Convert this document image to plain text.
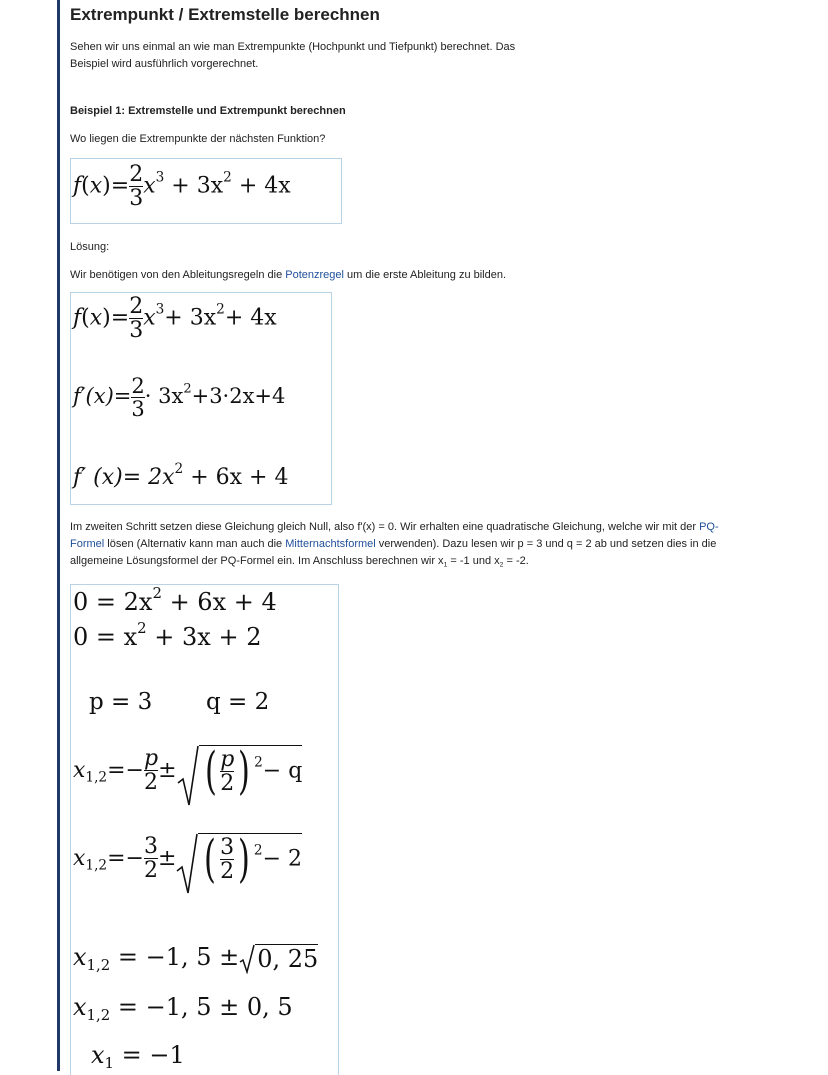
Extrempunkt / Extremstelle berechnen

Sehen wir uns einmal an wie man Extrempunkte (Hochpunkt und Tiefpunkt) berechnet. Das Beispiel wird ausführlich vorgerechnet.

Beispiel 1: Extremstelle und Extrempunkt berechnen

Wo liegen die Extrempunkte der nächsten Funktion?

$f(x)= \frac{2}{3} x^3 + 3x^2 + 4x$

Lösung:

Wir benötigen von den Ableitungsregeln die Potenzregel um die erste Ableitung zu bilden.

$f(x)= \frac{2}{3} x^3+ 3x^2+ 4x$
$f'(x)= \frac{2}{3} \cdot 3x^2+3\cdot 2x+4$
f′ $(x)= 2x^2 + 6x + 4$

Im zweiten Schritt setzen diese Gleichung gleich Null, also f'(x) = 0. Wir erhalten eine quadratische Gleichung, welche wir mit der PQ-Formel lösen (Alternativ kann man auch die Mitternachtsformel verwenden). Dazu lesen wir p = 3 und q = 2 ab und setzen dies in die allgemeine Lösungsformel der PQ-Formel ein. Im Anschluss berechnen wir $x_1 = -1$ und $x_2 = -2$.

$0 = 2x^2 + 6x + 4$
$0 = x^2 + 3x + 2$
p = 3 q = 2
$x_{1,2}=- \frac{p}{2}$ ± ( $\frac{p}{2}$ ) $^2$− q
$x_{1,2}=- \frac{3}{2}$ ± ( $\frac{3}{2}$ ) $^2$− 2
$x_{1,2} = -1$, 5 ± 0, 25
$x_{1,2} = -1$, 5 ± 0, 5
$x_1 = -1$
